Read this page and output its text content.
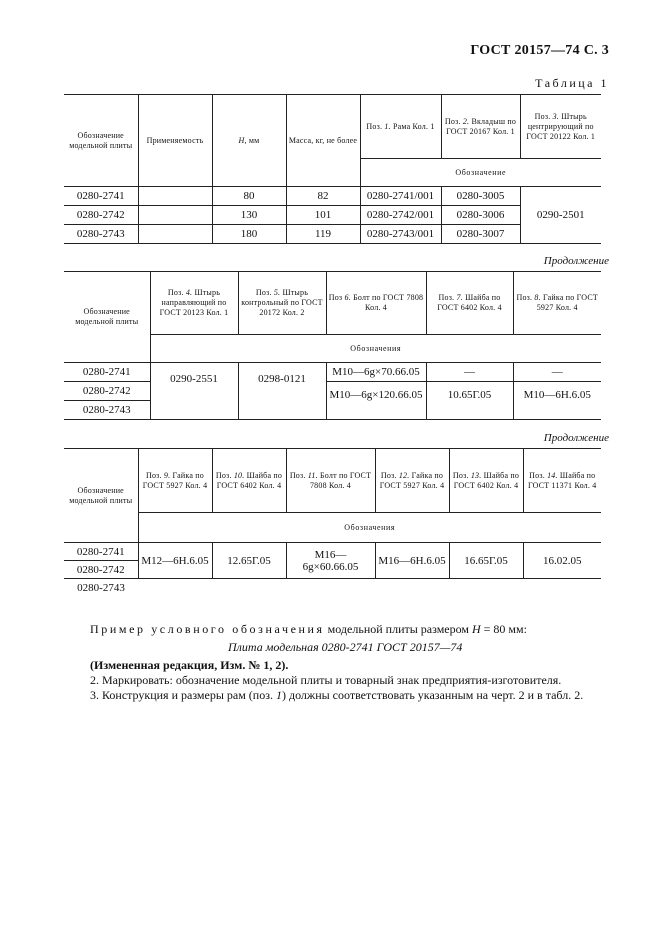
ГОСТ 20157—74 С. 3
Таблица 1
Обозначение модельной плиты	Применяемость	H, мм	Масса, кг, не более	Поз. 1. Рама Кол. 1	Поз. 2. Вкладыш по ГОСТ 20167 Кол. 1	Поз. 3. Штырь центрирующий по ГОСТ 20122 Кол. 1
				Обозначение		
0280-2741		80	82	0280-2741/001	0280-3005	0290-2501
0280-2742		130	101	0280-2742/001	0280-3006	
0280-2743		180	119	0280-2743/001	0280-3007	
Продолжение
Обозначение модельной плиты	Поз. 4. Штырь направляющий по ГОСТ 20123 Кол. 1	Поз. 5. Штырь контрольный по ГОСТ 20172 Кол. 2	Поз 6. Болт по ГОСТ 7808 Кол. 4	Поз. 7. Шайба по ГОСТ 6402 Кол. 4	Поз. 8. Гайка по ГОСТ 5927 Кол. 4
	Обозначения				
0280-2741	0290-2551	0298-0121	М10—6g×70.66.05	—	—
0280-2742			М10—6g×120.66.05	10.65Г.05	М10—6Н.6.05
0280-2743					
Продолжение
Обозначение модельной плиты	Поз. 9. Гайка по ГОСТ 5927 Кол. 4	Поз. 10. Шайба по ГОСТ 6402 Кол. 4	Поз. 11. Болт по ГОСТ 7808 Кол. 4	Поз. 12. Гайка по ГОСТ 5927 Кол. 4	Поз. 13. Шайба по ГОСТ 6402 Кол. 4	Поз. 14. Шайба по ГОСТ 11371 Кол. 4
	Обозначения					
0280-2741	М12—6Н.6.05	12.65Г.05	М16—6g×60.66.05	М16—6Н.6.05	16.65Г.05	16.02.05
0280-2742						
0280-2743						
Пример условного обозначения модельной плиты размером H = 80 мм:
Плита модельная 0280-2741 ГОСТ 20157—74
(Измененная редакция, Изм. № 1, 2).
2. Маркировать: обозначение модельной плиты и товарный знак предприятия-изготовителя.
3. Конструкция и размеры рам (поз. 1) должны соответствовать указанным на черт. 2 и в табл. 2.
